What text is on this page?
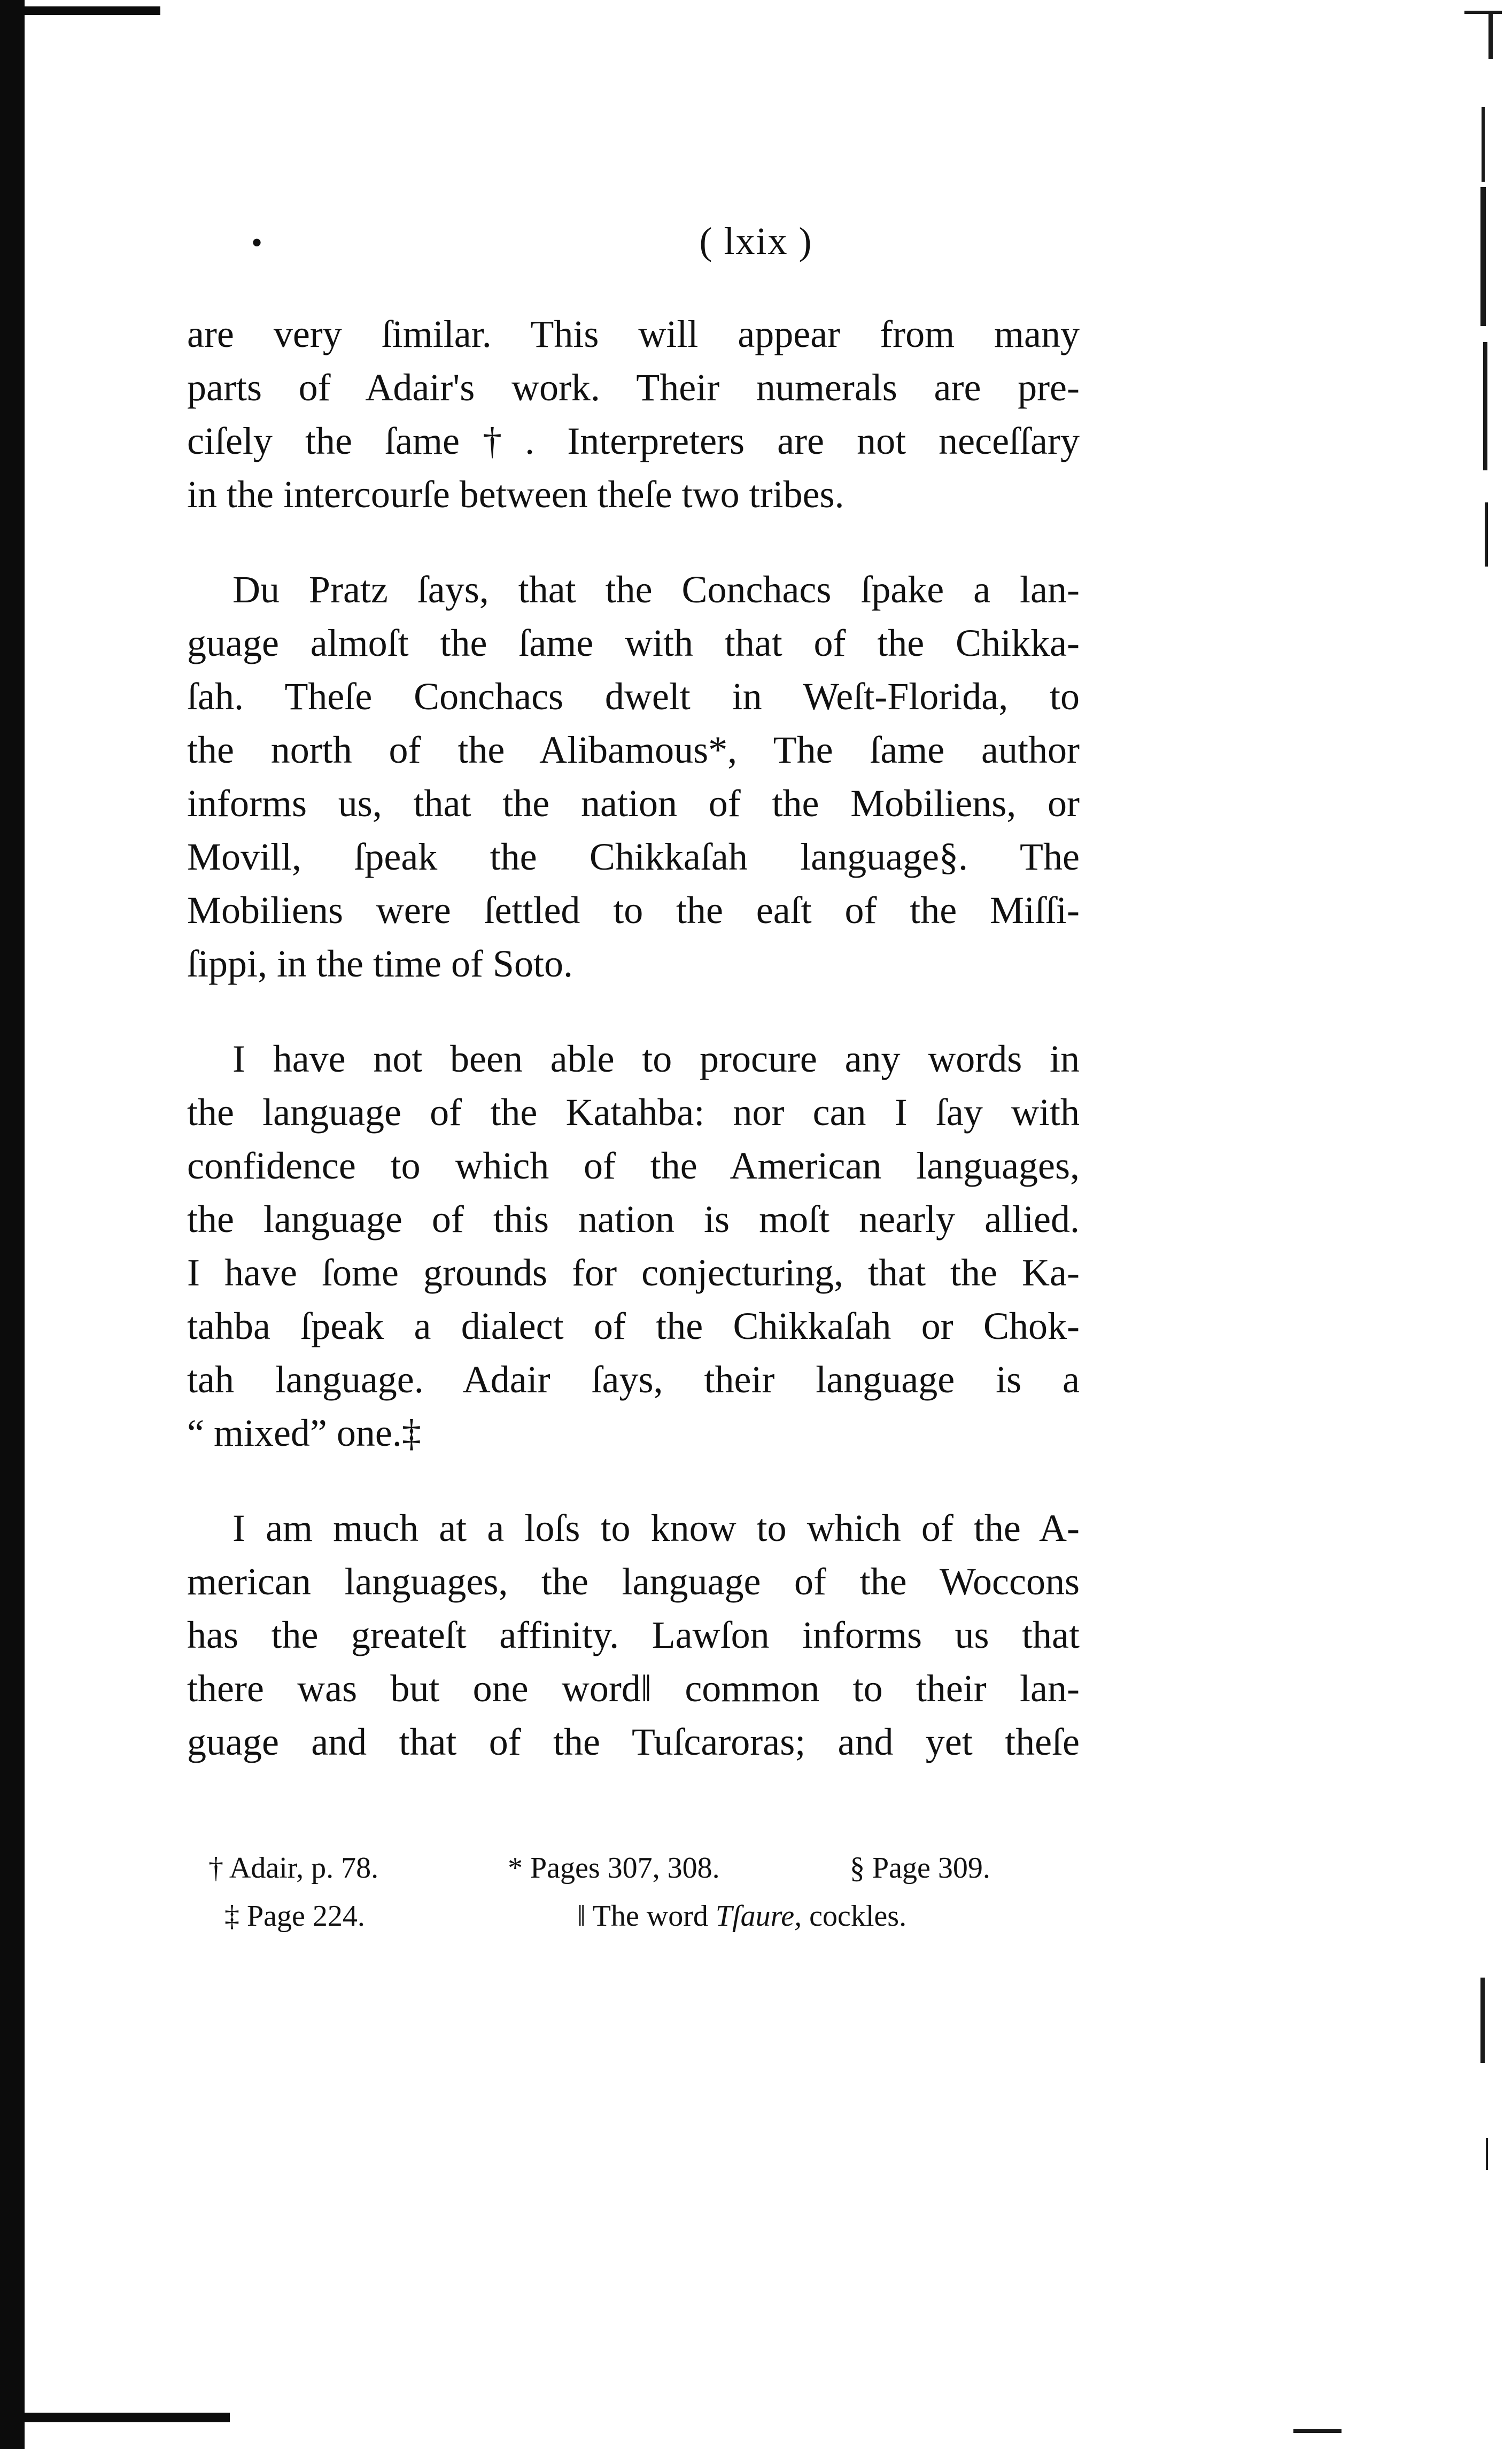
•	( lxix )
are very ſimilar. This will appear from many
parts of Adair's work. Their numerals are pre-
ciſely the ſame†. Interpreters are not neceſſary
in the intercourſe between theſe two tribes.
Du Pratz ſays, that the Conchacs ſpake a lan-
guage almoſt the ſame with that of the Chikka-
ſah. Theſe Conchacs dwelt in Weſt-Florida, to
the north of the Alibamous*, The ſame author
informs us, that the nation of the Mobiliens, or
Movill, ſpeak the Chikkaſah language§. The
Mobiliens were ſettled to the eaſt of the Miſſi-
ſippi, in the time of Soto.
I have not been able to procure any words in
the language of the Katahba: nor can I ſay with
confidence to which of the American languages,
the language of this nation is moſt nearly allied.
I have ſome grounds for conjecturing, that the Ka-
tahba ſpeak a dialect of the Chikkaſah or Chok-
tah language. Adair ſays, their language is a
“ mixed” one.‡
I am much at a loſs to know to which of the A-
merican languages, the language of the Woccons
has the greateſt affinity. Lawſon informs us that
there was but one word‖ common to their lan-
guage and that of the Tuſcaroras; and yet theſe
† Adair, p. 78.	* Pages 307, 308.	§ Page 309.
‡ Page 224.	‖ The word Tſaure, cockles.
